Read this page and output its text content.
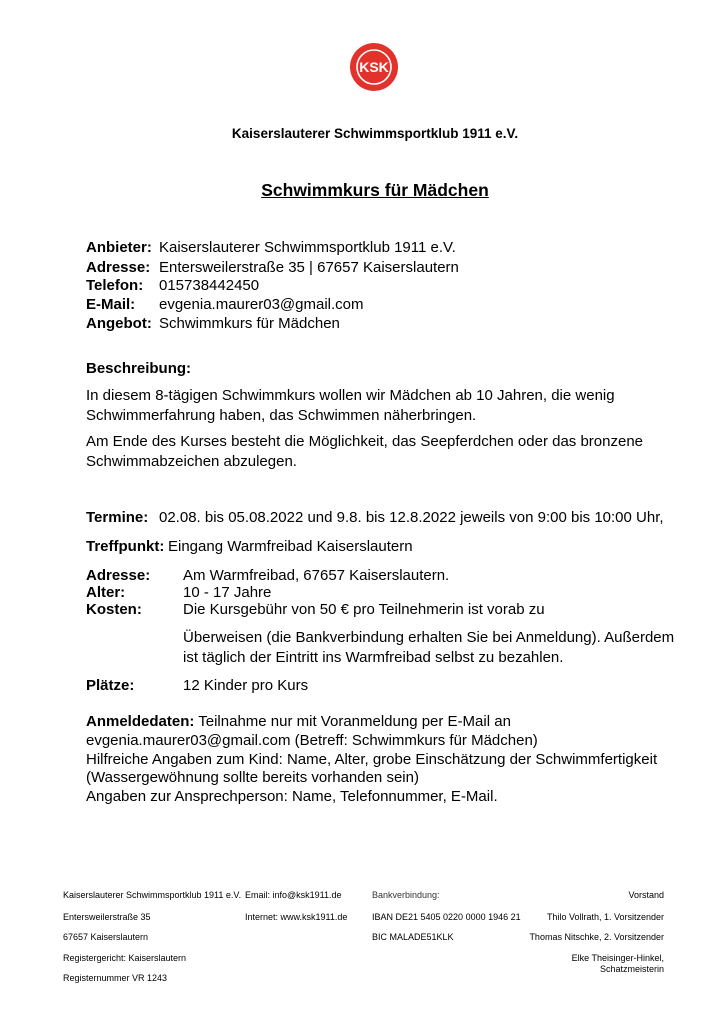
KSK
Kaiserslauterer Schwimmsportklub 1911 e.V.
Schwimmkurs für Mädchen
Anbieter: Kaiserslauterer Schwimmsportklub 1911 e.V.
Adresse: Entersweilerstraße 35 | 67657 Kaiserslautern
Telefon: 015738442450
E-Mail: evgenia.maurer03@gmail.com
Angebot: Schwimmkurs für Mädchen
Beschreibung:
In diesem 8-tägigen Schwimmkurs wollen wir Mädchen ab 10 Jahren, die wenig Schwimmerfahrung haben, das Schwimmen näherbringen.
Am Ende des Kurses besteht die Möglichkeit, das Seepferdchen oder das bronzene Schwimmabzeichen abzulegen.
Termine: 02.08. bis 05.08.2022 und 9.8. bis 12.8.2022 jeweils von 9:00 bis 10:00 Uhr,
Treffpunkt: Eingang Warmfreibad Kaiserslautern
Adresse: Am Warmfreibad, 67657 Kaiserslautern.
Alter:	10 - 17 Jahre
Kosten:	Die Kursgebühr von 50 € pro Teilnehmerin ist vorab zu
Überweisen (die Bankverbindung erhalten Sie bei Anmeldung). Außerdem
ist täglich der Eintritt ins Warmfreibad selbst zu bezahlen.
Plätze:	12 Kinder pro Kurs
Anmeldedaten: Teilnahme nur mit Voranmeldung per E-Mail an
evgenia.maurer03@gmail.com (Betreff: Schwimmkurs für Mädchen)
Hilfreiche Angaben zum Kind: Name, Alter, grobe Einschätzung der Schwimmfertigkeit
(Wassergewöhnung sollte bereits vorhanden sein)
Angaben zur Ansprechperson: Name, Telefonnummer, E-Mail.
Kaiserslauterer Schwimmsportklub 1911 e.V.
Entersweilerstraße 35
67657 Kaiserslautern
Registergericht: Kaiserslautern
Registernummer VR 1243
Email: info@ksk1911.de
Internet: www.ksk1911.de
Bankverbindung:
IBAN DE21 5405 0220 0000 1946 21
BIC MALADE51KLK
Vorstand
Thilo Vollrath, 1. Vorsitzender
Thomas Nitschke, 2. Vorsitzender
Elke Theisinger-Hinkel,
Schatzmeisterin
